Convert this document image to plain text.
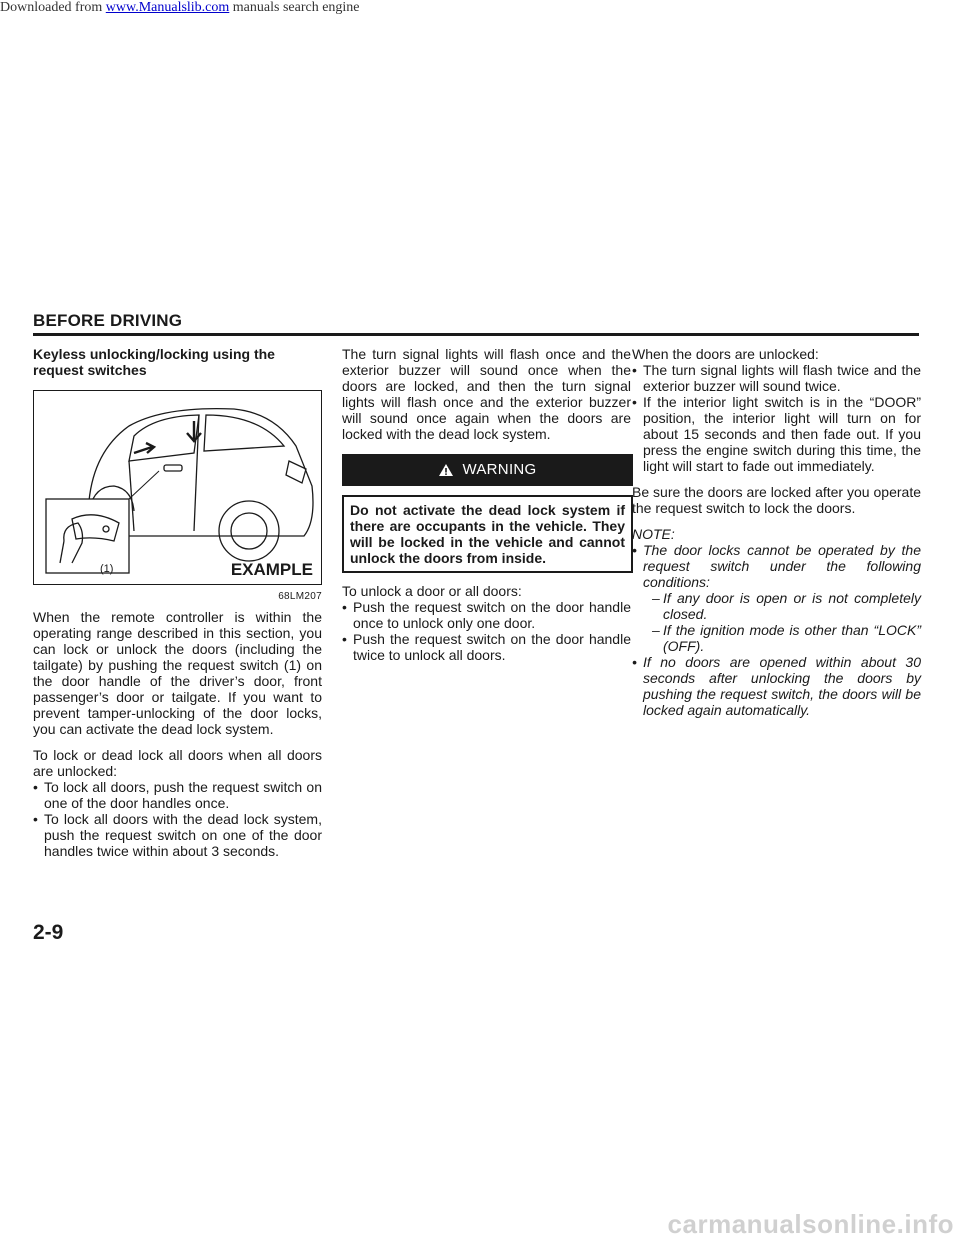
Downloaded from www.Manualslib.com manuals search engine
BEFORE DRIVING

Keyless unlocking/locking using the request switches

(1)	EXAMPLE
68LM207

When the remote controller is within the operating range described in this section, you can lock or unlock the doors (including the tailgate) by pushing the request switch (1) on the door handle of the driver’s door, front passenger’s door or tailgate. If you want to prevent tamper-unlocking of the door locks, you can activate the dead lock system.

To lock or dead lock all doors when all doors are unlocked:

• To lock all doors, push the request switch on one of the door handles once.
• To lock all doors with the dead lock system, push the request switch on one of the door handles twice within about 3 seconds.

The turn signal lights will flash once and the exterior buzzer will sound once when the doors are locked, and then the turn signal lights will flash once and the exterior buzzer will sound once again when the doors are locked with the dead lock system.

WARNING
Do not activate the dead lock system if there are occupants in the vehicle. They will be locked in the vehicle and cannot unlock the doors from inside.

To unlock a door or all doors:

• Push the request switch on the door handle once to unlock only one door.
• Push the request switch on the door handle twice to unlock all doors.

When the doors are unlocked:

• The turn signal lights will flash twice and the exterior buzzer will sound twice.
• If the interior light switch is in the “DOOR” position, the interior light will turn on for about 15 seconds and then fade out. If you press the engine switch during this time, the light will start to fade out immediately.

Be sure the doors are locked after you operate the request switch to lock the doors.

NOTE:

• The door locks cannot be operated by the request switch under the following conditions:
– If any door is open or is not completely closed.
– If the ignition mode is other than “LOCK” (OFF).
• If no doors are opened within about 30 seconds after unlocking the doors by pushing the request switch, the doors will be locked again automatically.
2-9
carmanualsonline.info
